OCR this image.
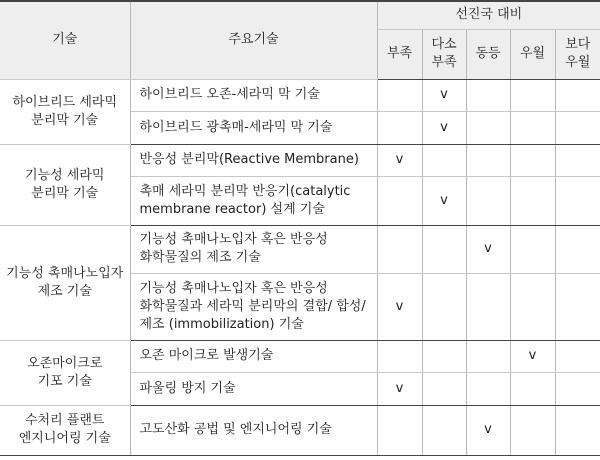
기술	주요기술	선진국 대비				

		부족	다소
부족	동등	우월	보다
우월

하이브리드 세라믹
분리막 기술	하이브리드 오존-세라믹 막 기술		v			

	하이브리드 광촉매-세라믹 막 기술		v			

기능성 세라믹
분리막 기술	반응성 분리막(Reactive Membrane)	v				

	촉매 세라믹 분리막 반응기(catalytic
membrane reactor) 설계 기술		v			

기능성 촉매나노입자
제조 기술	기능성 촉매나노입자 혹은 반응성
화학물질의 제조 기술			v		

	기능성 촉매나노입자 혹은 반응성
화학물질과 세라믹 분리막의 결합/ 합성/
제조 (immobilization) 기술	v				

오존마이크로
기포 기술	오존 마이크로 발생기술				v	

	파울링 방지 기술	v				

수처리 플랜트
엔지니어링 기술	고도산화 공법 및 엔지니어링 기술			v		
